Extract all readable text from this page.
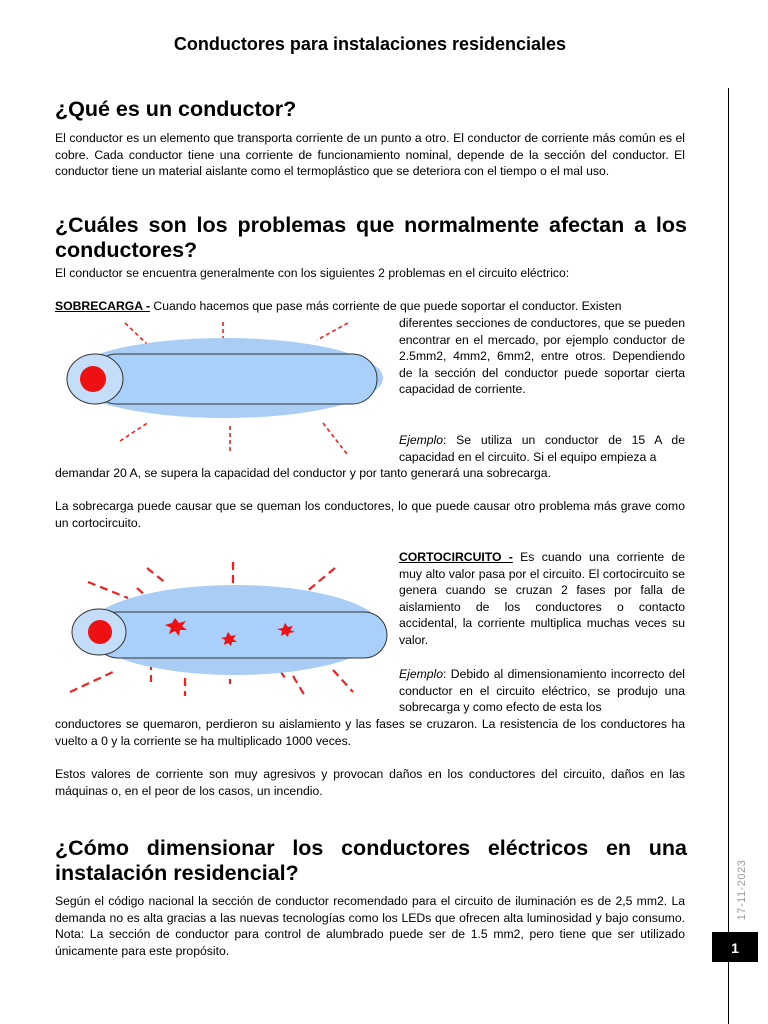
Conductores para instalaciones residenciales
¿Qué es un conductor?

El conductor es un elemento que transporta corriente de un punto a otro. El conductor de corriente más común es el cobre. Cada conductor tiene una corriente de funcionamiento nominal, depende de la sección del conductor. El conductor tiene un material aislante como el termoplástico que se deteriora con el tiempo o el mal uso.

¿Cuáles son los problemas que normalmente afectan a los conductores?

El conductor se encuentra generalmente con los siguientes 2 problemas en el circuito eléctrico:

SOBRECARGA - Cuando hacemos que pase más corriente de que puede soportar el conductor. Existen

diferentes secciones de conductores, que se pueden encontrar en el mercado, por ejemplo conductor de 2.5mm2, 4mm2, 6mm2, entre otros. Dependiendo de la sección del conductor puede soportar cierta capacidad de corriente.

Ejemplo: Se utiliza un conductor de 15 A de capacidad en el circuito. Si el equipo empieza a

demandar 20 A, se supera la capacidad del conductor y por tanto generará una sobrecarga.

La sobrecarga puede causar que se queman los conductores, lo que puede causar otro problema más grave como un cortocircuito.

CORTOCIRCUITO - Es cuando una corriente de muy alto valor pasa por el circuito. El cortocircuito se genera cuando se cruzan 2 fases por falla de aislamiento de los conductores o contacto accidental, la corriente multiplica muchas veces su valor.

Ejemplo: Debido al dimensionamiento incorrecto del conductor en el circuito eléctrico, se produjo una sobrecarga y como efecto de esta los

conductores se quemaron, perdieron su aislamiento y las fases se cruzaron. La resistencia de los conductores ha vuelto a 0 y la corriente se ha multiplicado 1000 veces.

Estos valores de corriente son muy agresivos y provocan daños en los conductores del circuito, daños en las máquinas o, en el peor de los casos, un incendio.

¿Cómo dimensionar los conductores eléctricos en una instalación residencial?

Según el código nacional la sección de conductor recomendado para el circuito de iluminación es de 2,5 mm2. La demanda no es alta gracias a las nuevas tecnologías como los LEDs que ofrecen alta luminosidad y bajo consumo. Nota: La sección de conductor para control de alumbrado puede ser de 1.5 mm2, pero tiene que ser utilizado únicamente para este propósito.

17-11-2023
1
